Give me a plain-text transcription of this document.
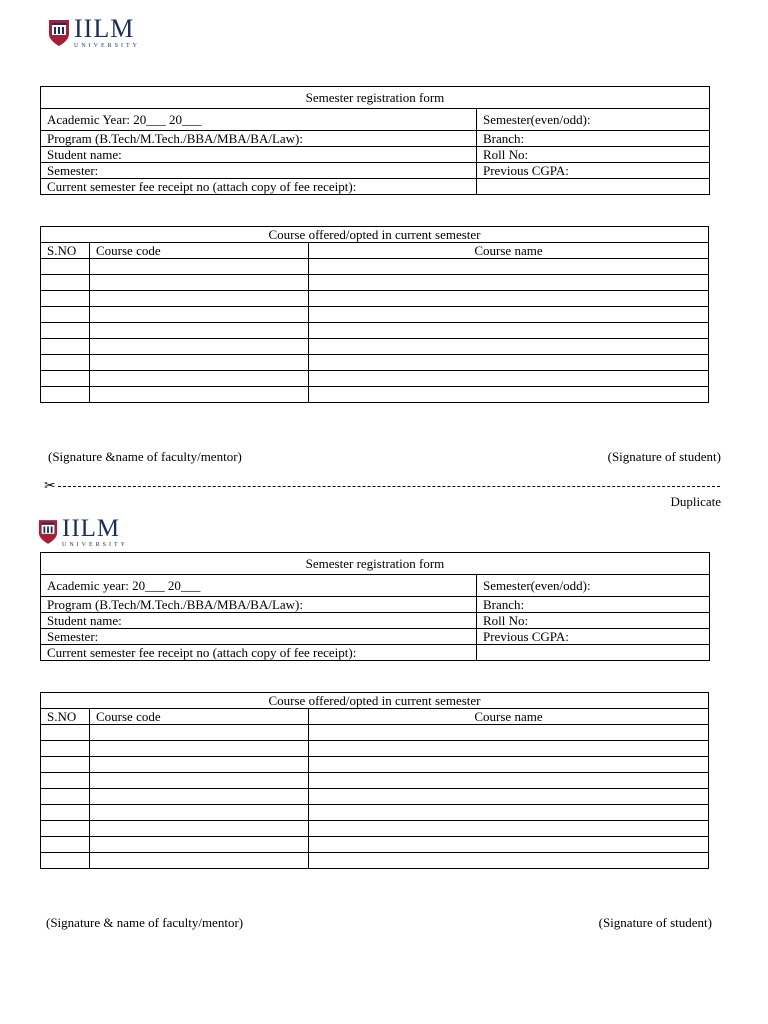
IILM
UNIVERSITY
Semester registration form	
Academic Year: 20___ 20___	Semester(even/odd):
Program (B.Tech/M.Tech./BBA/MBA/BA/Law):	Branch:
Student name:	Roll No:
Semester:	Previous CGPA:
Current semester fee receipt no (attach copy of fee receipt):	
Course offered/opted in current semester		
S.NO	Course code	Course name

(Signature &name of faculty/mentor)	(Signature of student)
✂
Duplicate
IILM
UNIVERSITY
Semester registration form	
Academic year: 20___ 20___	Semester(even/odd):
Program (B.Tech/M.Tech./BBA/MBA/BA/Law):	Branch:
Student name:	Roll No:
Semester:	Previous CGPA:
Current semester fee receipt no (attach copy of fee receipt):	
Course offered/opted in current semester		
S.NO	Course code	Course name

(Signature & name of faculty/mentor)	(Signature of student)
